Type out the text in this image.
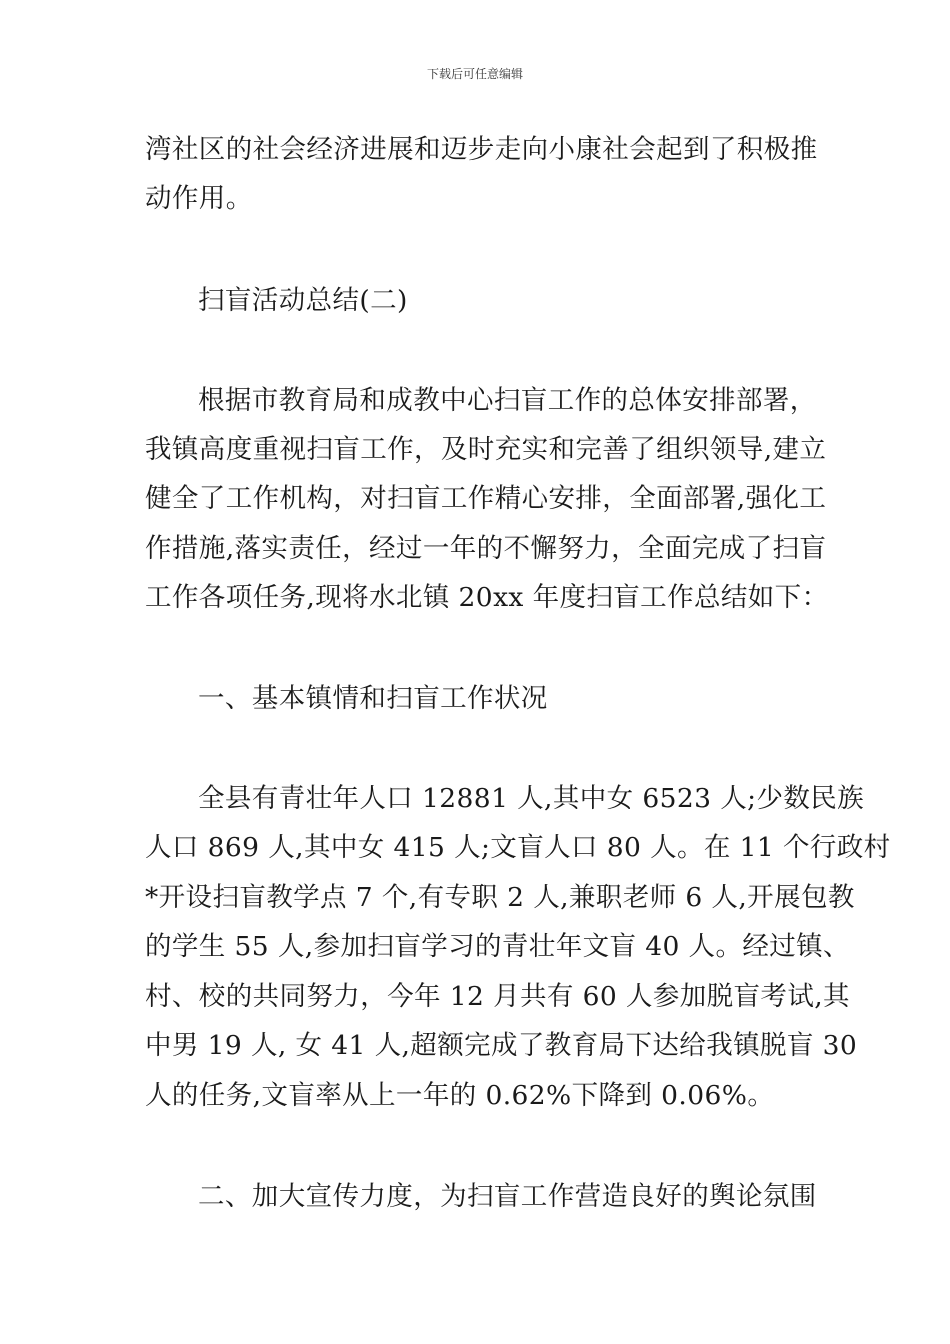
下载后可任意编辑
湾社区的社会经济进展和迈步走向小康社会起到了积极推
动作用。
扫盲活动总结(二)
根据市教育局和成教中心扫盲工作的总体安排部署，
我镇高度重视扫盲工作，及时充实和完善了组织领导,建立
健全了工作机构，对扫盲工作精心安排，全面部署,强化工
作措施,落实责任，经过一年的不懈努力，全面完成了扫盲
工作各项任务,现将水北镇 20xx 年度扫盲工作总结如下：
一、基本镇情和扫盲工作状况
全县有青壮年人口 12881 人,其中女 6523 人;少数民族
人口 869 人,其中女 415 人;文盲人口 80 人。在 11 个行政村
*开设扫盲教学点 7 个,有专职 2 人,兼职老师 6 人,开展包教
的学生 55 人,参加扫盲学习的青壮年文盲 40 人。经过镇、
村、校的共同努力，今年 12 月共有 60 人参加脱盲考试,其
中男 19 人, 女 41 人,超额完成了教育局下达给我镇脱盲 30
人的任务,文盲率从上一年的 0.62%下降到 0.06%。
二、加大宣传力度，为扫盲工作营造良好的舆论氛围
